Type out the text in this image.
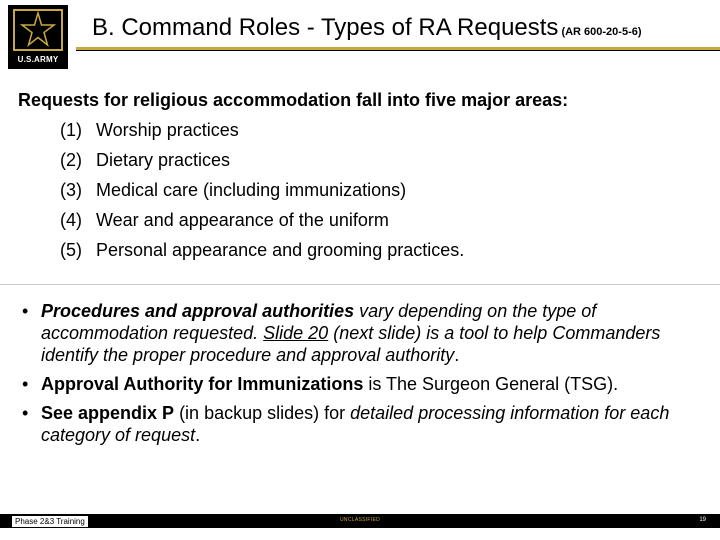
U.S.ARMY
B. Command Roles - Types of RA Requests (AR 600-20-5-6)
Requests for religious accommodation fall into five major areas:
(1) Worship practices
(2) Dietary practices
(3) Medical care (including immunizations)
(4) Wear and appearance of the uniform
(5) Personal appearance and grooming practices.
• Procedures and approval authorities vary depending on the type of accommodation requested. Slide 20 (next slide) is a tool to help Commanders identify the proper procedure and approval authority.
• Approval Authority for Immunizations is The Surgeon General (TSG).
• See appendix P (in backup slides) for detailed processing information for each category of request.
Phase 2&3 Training	UNCLASSIFIED	19
